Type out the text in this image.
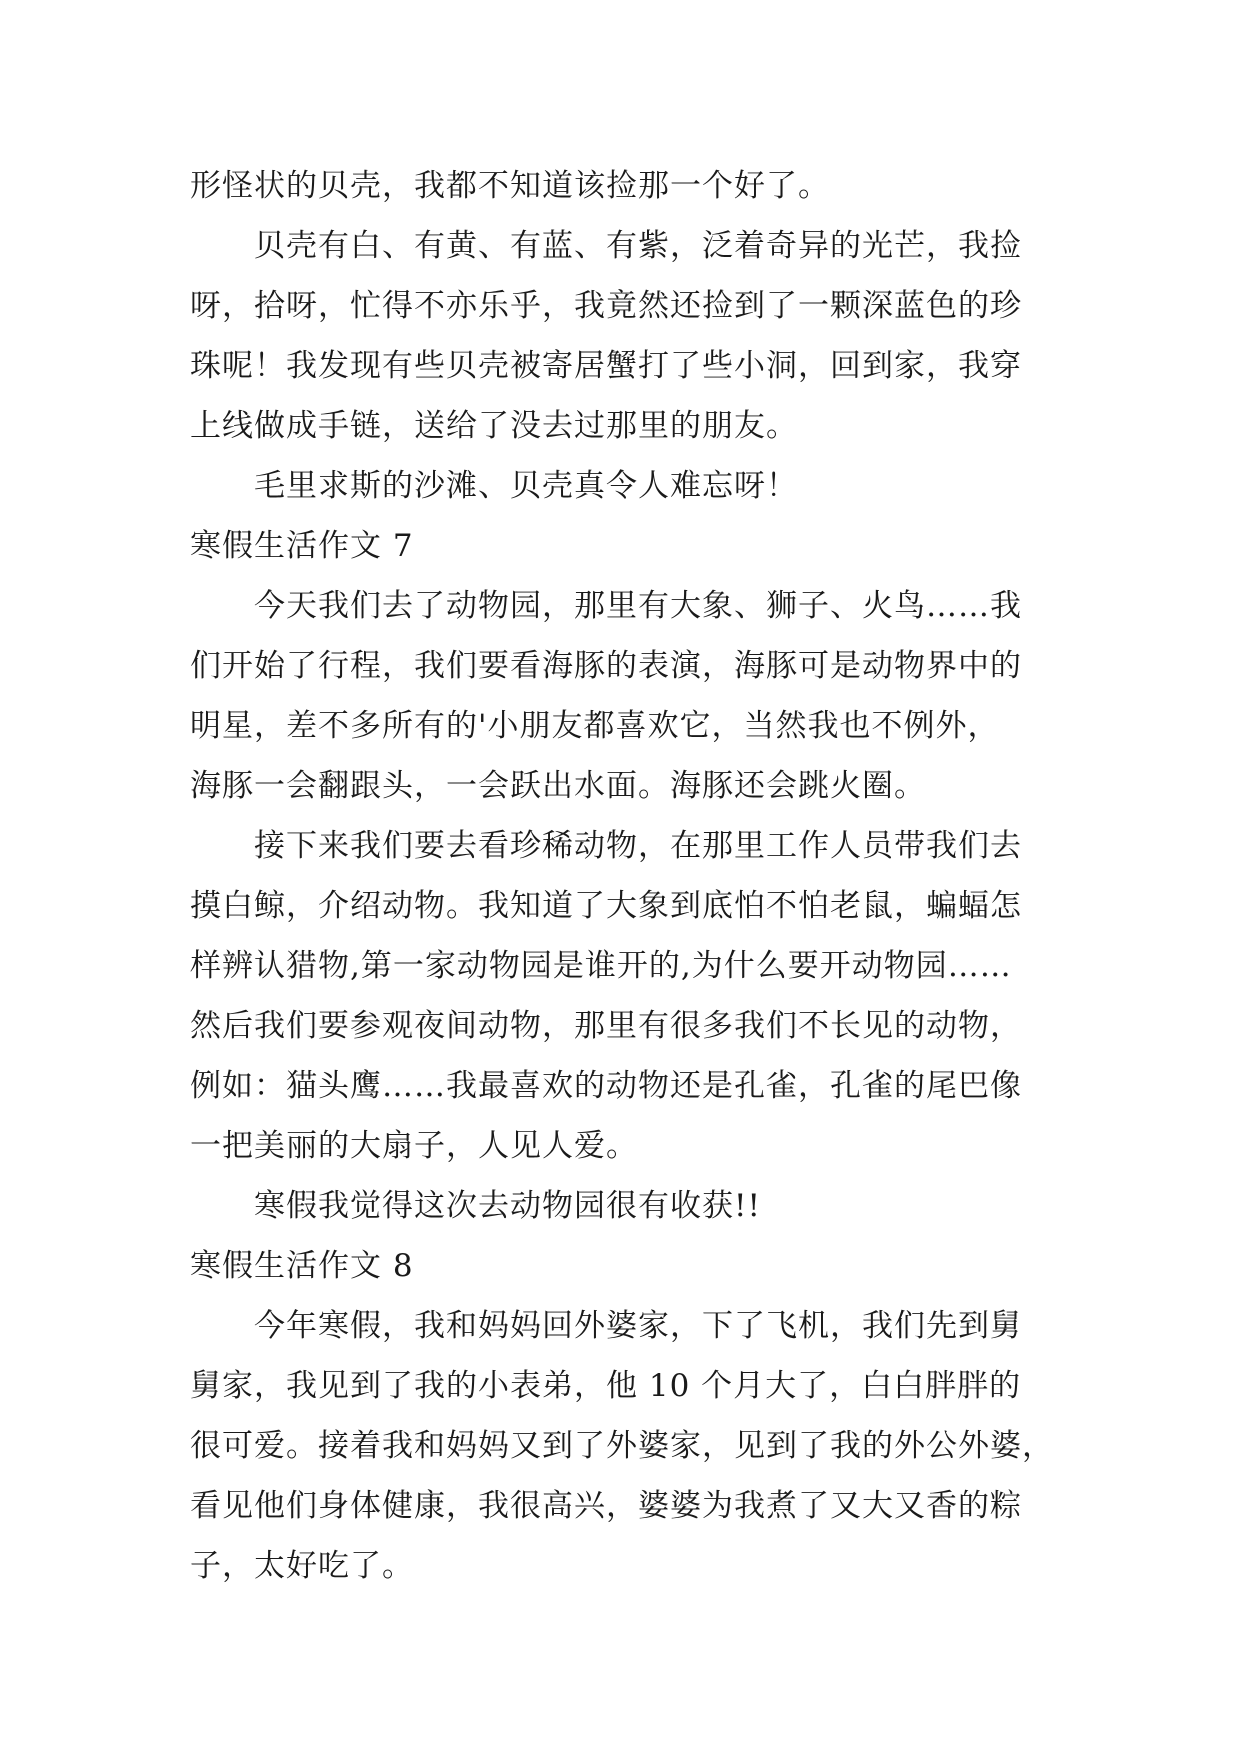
形怪状的贝壳，我都不知道该捡那一个好了。
贝壳有白、有黄、有蓝、有紫，泛着奇异的光芒，我捡
呀，拾呀，忙得不亦乐乎，我竟然还捡到了一颗深蓝色的珍
珠呢！我发现有些贝壳被寄居蟹打了些小洞，回到家，我穿
上线做成手链，送给了没去过那里的朋友。
毛里求斯的沙滩、贝壳真令人难忘呀！
寒假生活作文 7
今天我们去了动物园，那里有大象、狮子、火鸟……我
们开始了行程，我们要看海豚的表演，海豚可是动物界中的
明星，差不多所有的'小朋友都喜欢它，当然我也不例外，
海豚一会翻跟头，一会跃出水面。海豚还会跳火圈。
接下来我们要去看珍稀动物，在那里工作人员带我们去
摸白鲸，介绍动物。我知道了大象到底怕不怕老鼠，蝙蝠怎
样辨认猎物,第一家动物园是谁开的,为什么要开动物园……
然后我们要参观夜间动物，那里有很多我们不长见的动物，
例如：猫头鹰……我最喜欢的动物还是孔雀，孔雀的尾巴像
一把美丽的大扇子，人见人爱。
寒假我觉得这次去动物园很有收获!!
寒假生活作文 8
今年寒假，我和妈妈回外婆家，下了飞机，我们先到舅
舅家，我见到了我的小表弟，他 10 个月大了，白白胖胖的
很可爱。接着我和妈妈又到了外婆家，见到了我的外公外婆，
看见他们身体健康，我很高兴，婆婆为我煮了又大又香的粽
子，太好吃了。
